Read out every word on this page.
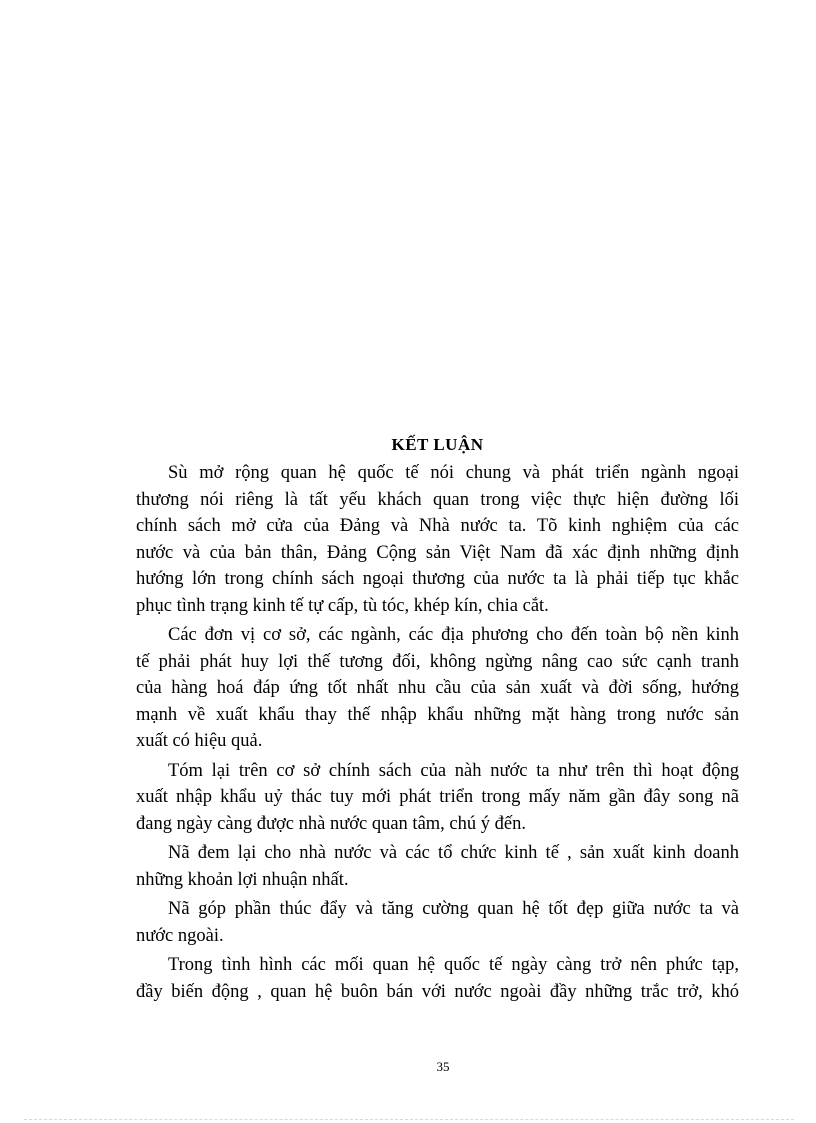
KẾT LUẬN
Sù mở rộng quan hệ quốc tế nói chung và phát triển ngành ngoại
thương nói riêng là tất yếu khách quan trong việc thực hiện đường lối
chính sách mở cửa của Đảng và Nhà nước ta. Tõ kinh nghiệm của các
nước và của bản thân, Đảng Cộng sản Việt Nam đã xác định những định
hướng lớn trong chính sách ngoại thương của nước ta là phải tiếp tục khắc
phục tình trạng kinh tế tự cấp, tù tóc, khép kín, chia cắt.
Các đơn vị cơ sở, các ngành, các địa phương cho đến toàn bộ nền kinh
tế phải phát huy lợi thế tương đối, không ngừng nâng cao sức cạnh tranh
của hàng hoá đáp ứng tốt nhất nhu cầu của sản xuất và đời sống, hướng
mạnh về xuất khẩu thay thế nhập khẩu những mặt hàng trong nước sản
xuất có hiệu quả.
Tóm lại trên cơ sở chính sách của nàh nước ta như trên thì hoạt động
xuất nhập khẩu uỷ thác tuy mới phát triển trong mấy năm gần đây song nã
đang ngày càng được nhà nước quan tâm, chú ý đến.
Nã đem lại cho nhà nước và các tổ chức kinh tế , sản xuất kinh doanh
những khoản lợi nhuận nhất.
Nã góp phần thúc đẩy và tăng cường quan hệ tốt đẹp giữa nước ta và
nước ngoài.
Trong tình hình các mối quan hệ quốc tế ngày càng trở nên phức tạp,
đầy biến động , quan hệ buôn bán với nước ngoài đầy những trắc trở, khó
35
